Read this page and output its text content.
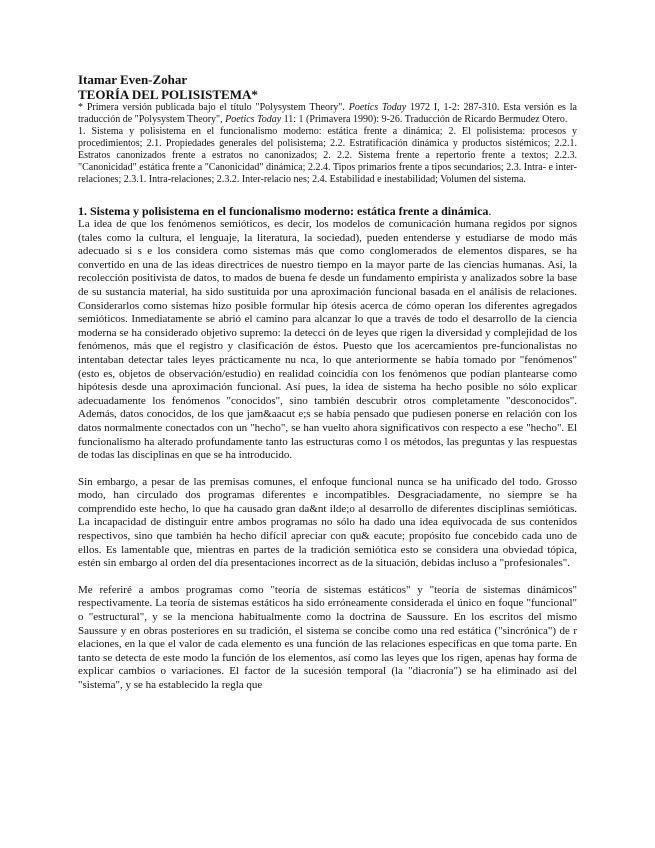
Itamar Even-Zohar
TEORÍA DEL POLISISTEMA*
* Primera versión publicada bajo el título "Polysystem Theory". Poetics Today 1972 I, 1-2: 287-310. Esta versión es la traducción de "Polysystem Theory", Poetics Today 11: 1 (Primavera 1990): 9-26. Traducción de Ricardo Bermudez Otero.
1. Sistema y polisistema en el funcionalismo moderno: estática frente a dinámica; 2. El polisistema: procesos y procedimientos; 2.1. Propiedades generales del polisistema; 2.2. Estratificación dinámica y productos sistémicos; 2.2.1. Estratos canonizados frente a estratos no canonizados; 2. 2.2. Sistema frente a repertorio frente a textos; 2.2.3. "Canonicidad" estática frente a "Canonicidad" dinámica; 2.2.4. Tipos primarios frente a tipos secundarios; 2.3. Intra- e inter-relaciones; 2.3.1. Intra-relaciones; 2.3.2. Inter-relacio nes; 2.4. Estabilidad e inestabilidad; Volumen del sistema.
1. Sistema y polisistema en el funcionalismo moderno: estática frente a dinámica.

La idea de que los fenómenos semióticos, es decir, los modelos de comunicación humana regidos por signos (tales como la cultura, el lenguaje, la literatura, la sociedad), pueden entenderse y estudiarse de modo más adecuado si s e los considera como sistemas más que como conglomerados de elementos dispares, se ha convertido en una de las ideas directrices de nuestro tiempo en la mayor parte de las ciencias humanas. Así, la recolección positivista de datos, to mados de buena fe desde un fundamento empirista y analizados sobre la base de su sustancia material, ha sido sustituida por una aproximación funcional basada en el análisis de relaciones. Considerarlos como sistemas hizo posible formular hip ótesis acerca de cómo operan los diferentes agregados semióticos. Inmediatamente se abrió el camino para alcanzar lo que a través de todo el desarrollo de la ciencia moderna se ha considerado objetivo supremo: la detecci ón de leyes que rigen la diversidad y complejidad de los fenómenos, más que el registro y clasificación de éstos. Puesto que los acercamientos pre-funcionalistas no intentaban detectar tales leyes prácticamente nu nca, lo que anteriormente se había tomado por "fenómenos" (esto es, objetos de observación/estudio) en realidad coincidía con los fenómenos que podían plantearse como hipótesis desde una aproximación funcional. Así pues, la idea de sistema ha hecho posible no sólo explicar adecuadamente los fenómenos "conocidos", sino también descubrir otros completamente "desconocidos". Además, datos conocidos, de los que jam&aacut e;s se había pensado que pudiesen ponerse en relación con los datos normalmente conectados con un "hecho", se han vuelto ahora significativos con respecto a ese "hecho". El funcionalismo ha alterado profundamente tanto las estructuras como l os métodos, las preguntas y las respuestas de todas las disciplinas en que se ha introducido.

Sin embargo, a pesar de las premisas comunes, el enfoque funcional nunca se ha unificado del todo. Grosso modo, han circulado dos programas diferentes e incompatibles. Desgraciadamente, no siempre se ha comprendido este hecho, lo que ha causado gran da&nt ilde;o al desarrollo de diferentes disciplinas semióticas. La incapacidad de distinguir entre ambos programas no sólo ha dado una idea equivocada de sus contenidos respectivos, sino que también ha hecho difícil apreciar con qu& eacute; propósito fue concebido cada uno de ellos. Es lamentable que, mientras en partes de la tradición semiótica esto se considera una obviedad tópica, estén sin embargo al orden del día presentaciones incorrect as de la situación, debidas incluso a "profesionales".

Me referiré a ambos programas como "teoría de sistemas estáticos" y "teoría de sistemas dinámicos" respectivamente. La teoría de sistemas estáticos ha sido erróneamente considerada el único en foque "funcional" o "estructural", y se la menciona habitualmente como la doctrina de Saussure. En los escritos del mismo Saussure y en obras posteriores en su tradición, el sistema se concibe como una red estática ("sincrónica") de r elaciones, en la que el valor de cada elemento es una función de las relaciones específicas en que toma parte. En tanto se detecta de este modo la función de los elementos, así como las leyes que los rigen, apenas hay forma de explicar cambios o variaciones. El factor de la sucesión temporal (la "diacronía") se ha eliminado así del "sistema", y se ha establecido la regla que
